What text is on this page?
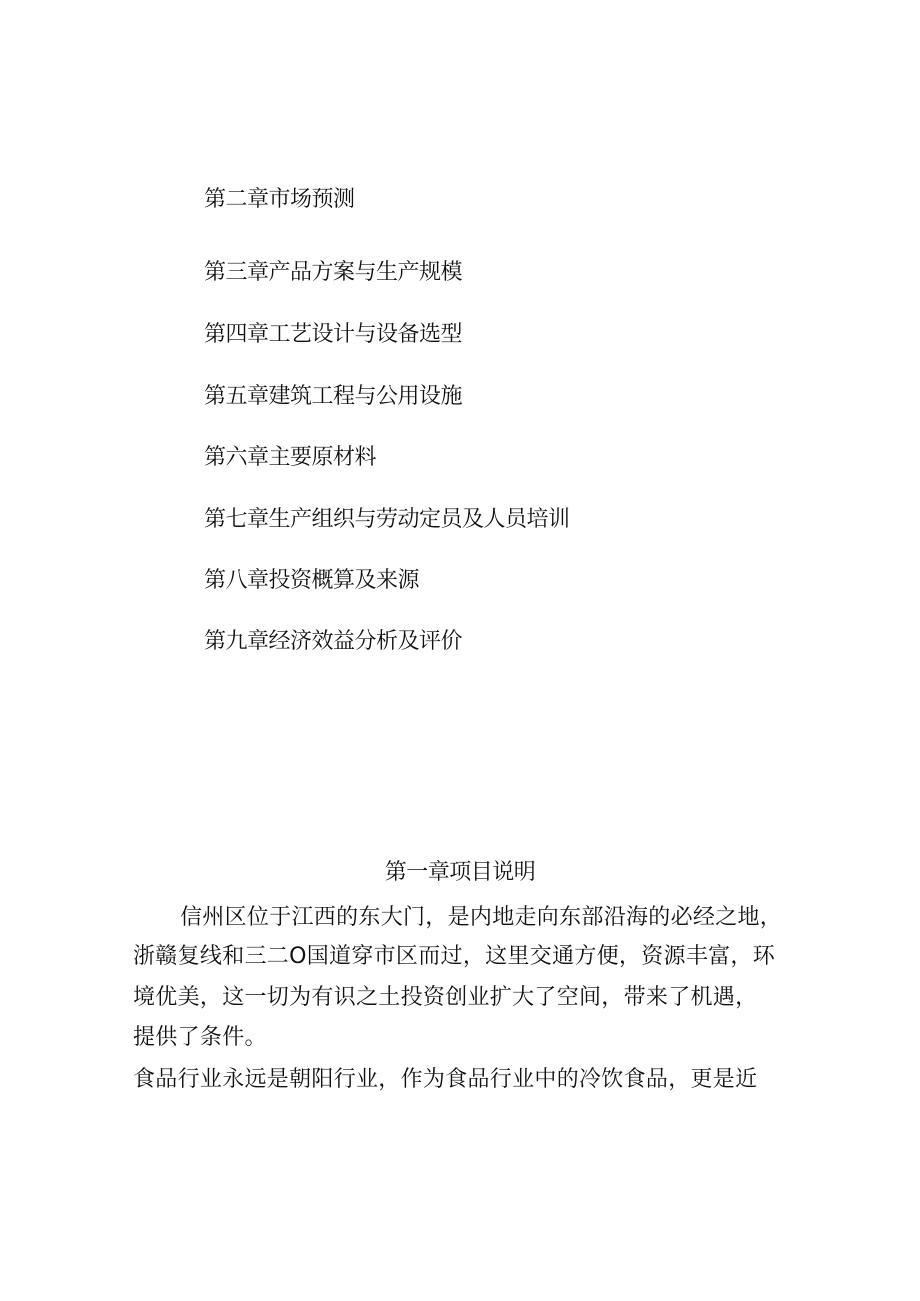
第二章市场预测
第三章产品方案与生产规模
第四章工艺设计与设备选型
第五章建筑工程与公用设施
第六章主要原材料
第七章生产组织与劳动定员及人员培训
第八章投资概算及来源
第九章经济效益分析及评价
第一章项目说明
信州区位于江西的东大门，是内地走向东部沿海的必经之地，
浙赣复线和三二O国道穿市区而过，这里交通方便，资源丰富，环
境优美，这一切为有识之土投资创业扩大了空间，带来了机遇，
提供了条件。
食品行业永远是朝阳行业，作为食品行业中的冷饮食品，更是近
